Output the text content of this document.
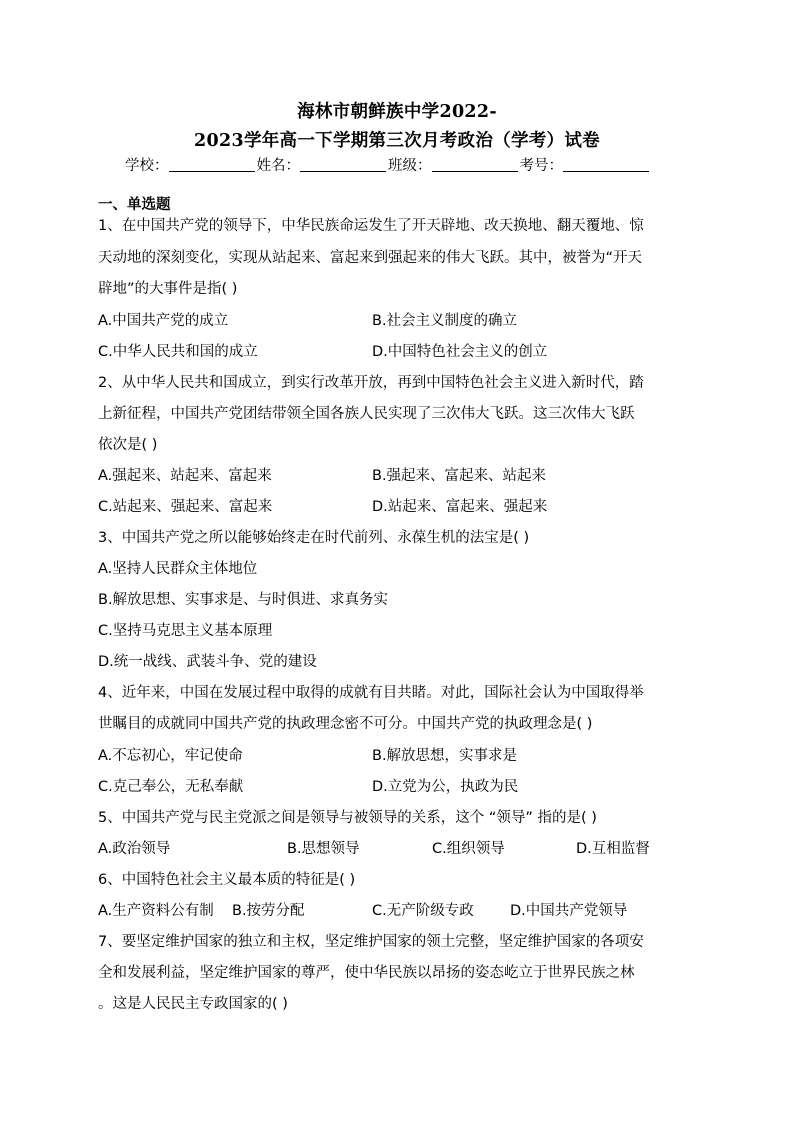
海林市朝鲜族中学2022-
2023学年高一下学期第三次月考政治（学考）试卷
学校：	姓名：	班级：	考号：
一、单选题
1、在中国共产党的领导下，中华民族命运发生了开天辟地、改天换地、翻天覆地、惊
天动地的深刻变化，实现从站起来、富起来到强起来的伟大飞跃。其中，被誉为“开天
辟地”的大事件是指( )
A.中国共产党的成立	B.社会主义制度的确立
C.中华人民共和国的成立	D.中国特色社会主义的创立
2、从中华人民共和国成立，到实行改革开放，再到中国特色社会主义进入新时代，踏
上新征程，中国共产党团结带领全国各族人民实现了三次伟大飞跃。这三次伟大飞跃
依次是( )
A.强起来、站起来、富起来	B.强起来、富起来、站起来
C.站起来、强起来、富起来	D.站起来、富起来、强起来
3、中国共产党之所以能够始终走在时代前列、永葆生机的法宝是( )
A.坚持人民群众主体地位
B.解放思想、实事求是、与时俱进、求真务实
C.坚持马克思主义基本原理
D.统一战线、武装斗争、党的建设
4、近年来，中国在发展过程中取得的成就有目共睹。对此，国际社会认为中国取得举
世瞩目的成就同中国共产党的执政理念密不可分。中国共产党的执政理念是( )
A.不忘初心，牢记使命	B.解放思想，实事求是
C.克己奉公，无私奉献	D.立党为公，执政为民
5、中国共产党与民主党派之间是领导与被领导的关系，这个 “领导” 指的是( )
A.政治领导	B.思想领导	C.组织领导	D.互相监督
6、中国特色社会主义最本质的特征是( )
A.生产资料公有制 B.按劳分配	C.无产阶级专政	D.中国共产党领导
7、要坚定维护国家的独立和主权，坚定维护国家的领土完整，坚定维护国家的各项安
全和发展利益，坚定维护国家的尊严，使中华民族以昂扬的姿态屹立于世界民族之林
。这是人民民主专政国家的( )
